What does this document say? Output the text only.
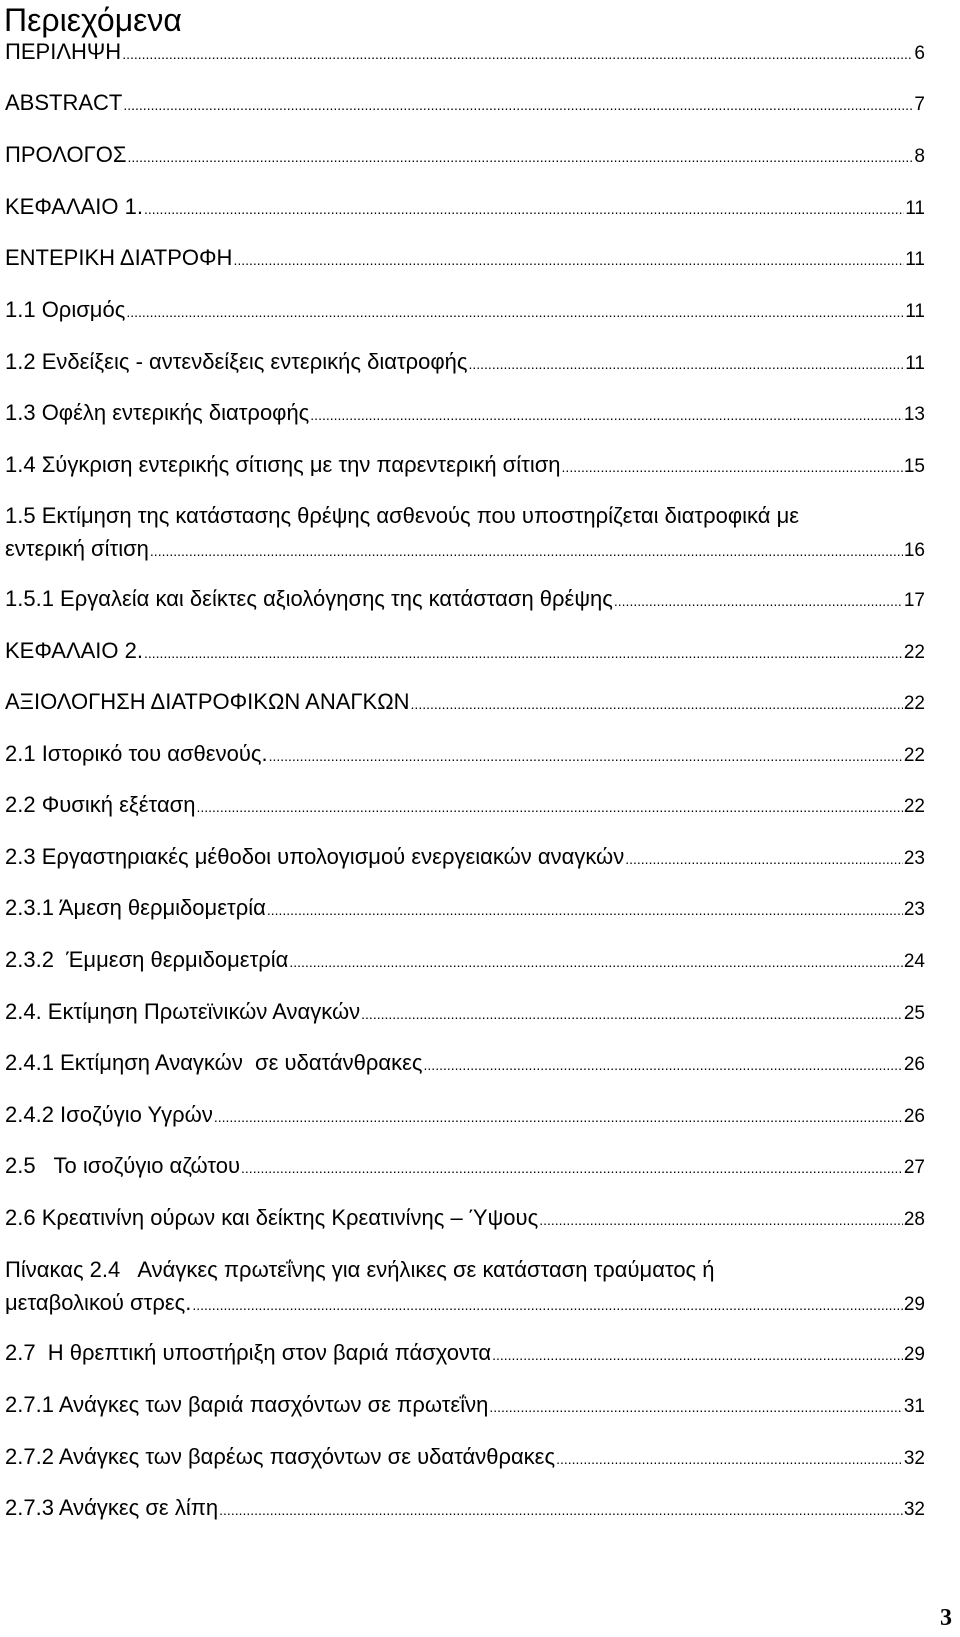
Περιεχόμενα
ΠΕΡΙΛΗΨΗ .....	6
ABSTRACT .....	7
ΠΡΟΛΟΓΟΣ .....	8
ΚΕΦΑΛΑΙΟ 1. .....	11
ΕΝΤΕΡΙΚΗ ΔΙΑΤΡΟΦΗ .....	11
1.1 Ορισμός .....	11
1.2 Ενδείξεις - αντενδείξεις εντερικής διατροφής .....	11
1.3 Οφέλη εντερικής διατροφής .....	13
1.4 Σύγκριση εντερικής σίτισης με την παρεντερική σίτιση .....	15
1.5 Εκτίμηση της κατάστασης θρέψης ασθενούς που υποστηρίζεται διατροφικά με
εντερική σίτιση .....	16
1.5.1 Εργαλεία και δείκτες αξιολόγησης της κατάσταση θρέψης .....	17
ΚΕΦΑΛΑΙΟ 2. .....	22
ΑΞΙΟΛΟΓΗΣΗ ΔΙΑΤΡΟΦΙΚΩΝ ΑΝΑΓΚΩΝ .....	22
2.1 Ιστορικό του ασθενούς. .....	22
2.2 Φυσική εξέταση .....	22
2.3 Εργαστηριακές μέθοδοι υπολογισμού ενεργειακών αναγκών .....	23
2.3.1 Άμεση θερμιδομετρία .....	23
2.3.2  Έμμεση θερμιδομετρία .....	24
2.4. Εκτίμηση Πρωτεϊνικών Αναγκών .....	25
2.4.1 Εκτίμηση Αναγκών  σε υδατάνθρακες .....	26
2.4.2 Ισοζύγιο Υγρών .....	26
2.5   Το ισοζύγιο αζώτου .....	27
2.6 Κρεατινίνη ούρων και δείκτης Κρεατινίνης – Ύψους .....	28
Πίνακας 2.4   Ανάγκες πρωτεΐνης για ενήλικες σε κατάσταση τραύματος ή
μεταβολικού στρες. .....	29
2.7  Η θρεπτική υποστήριξη στον βαριά πάσχοντα .....	29
2.7.1 Ανάγκες των βαριά πασχόντων σε πρωτεΐνη .....	31
2.7.2 Ανάγκες των βαρέως πασχόντων σε υδατάνθρακες .....	32
2.7.3 Ανάγκες σε λίπη .....	32
3
